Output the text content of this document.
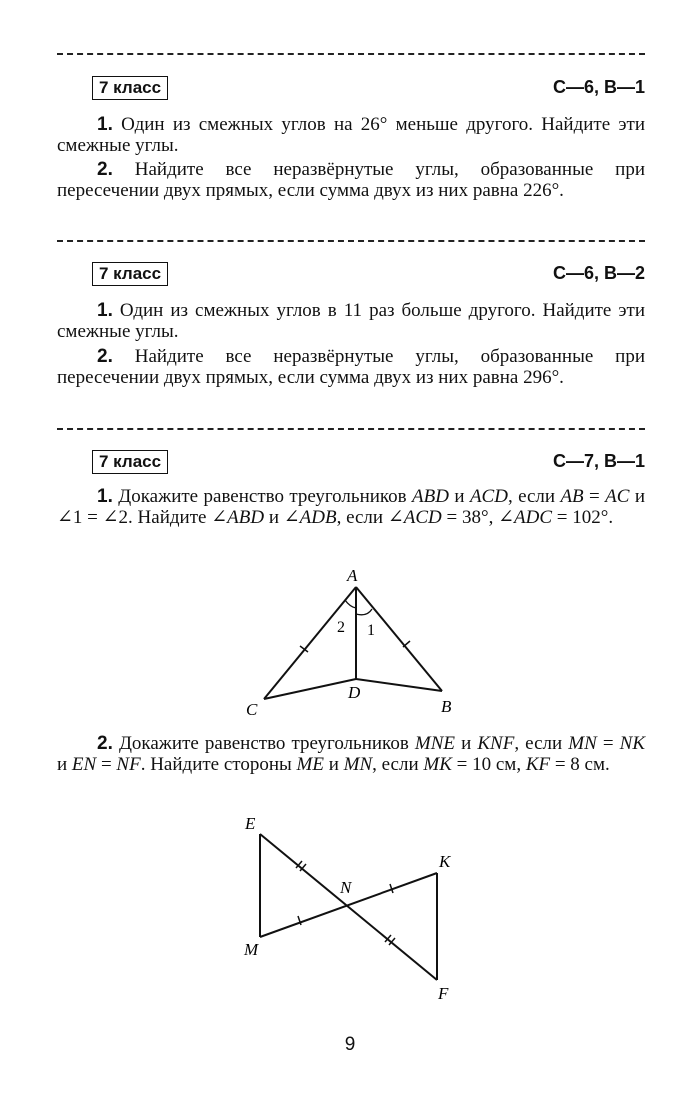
7 класс	С—6, В—1
1. Один из смежных углов на 26° меньше другого. Найдите эти смежные углы.
2. Найдите все неразвёрнутые углы, образованные при пересечении двух прямых, если сумма двух из них равна 226°.
7 класс	С—6, В—2
1. Один из смежных углов в 11 раз больше другого. Найдите эти смежные углы.
2. Найдите все неразвёрнутые углы, образованные при пересечении двух прямых, если сумма двух из них равна 296°.
7 класс	С—7, В—1
1. Докажите равенство треугольников ABD и ACD, если AB = AC и ∠1 = ∠2. Найдите ∠ABD и ∠ADB, если ∠ACD = 38°, ∠ADC = 102°.
A
C
D
B
2 1
2. Докажите равенство треугольников MNE и KNF, если MN = NK и EN = NF. Найдите стороны ME и MN, если MK = 10 см, KF = 8 см.
E
M
N
K
F
9
